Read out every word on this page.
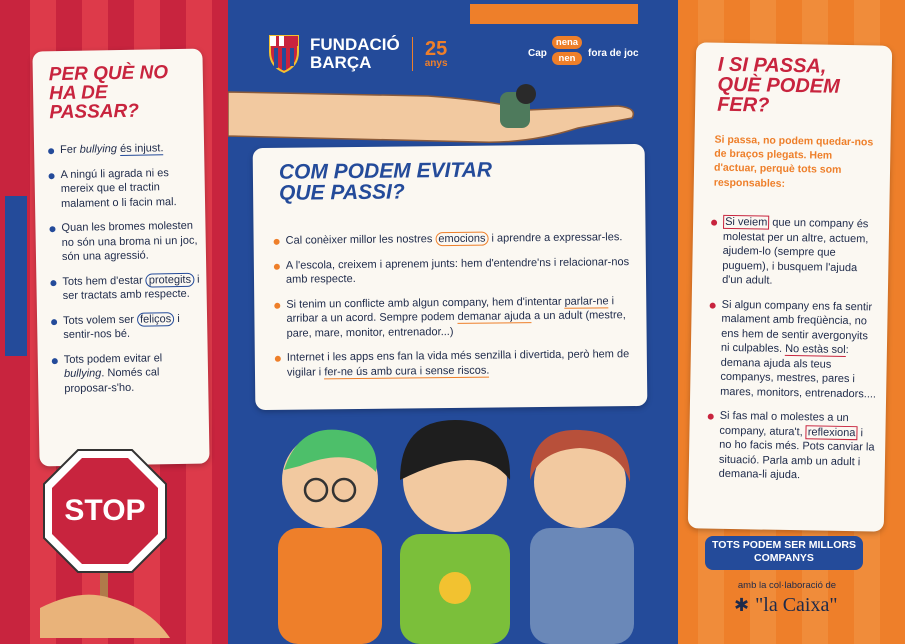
FUNDACIÓ
BARÇA
25
anys
Cap
nena
nen	fora de joc
PER QUÈ NO HA DE PASSAR?
Fer bullying és injust.
A ningú li agrada ni es mereix que el tractin malament o li facin mal.
Quan les bromes molesten no són una broma ni un joc, són una agressió.
Tots hem d'estar protegits i ser tractats amb respecte.
Tots volem ser feliços i sentir-nos bé.
Tots podem evitar el bullying. Només cal proposar-s'ho.
STOP
COM PODEM EVITAR QUE PASSI?
Cal conèixer millor les nostres emocions i aprendre a expressar-les.
A l'escola, creixem i aprenem junts: hem d'entendre'ns i relacionar-nos amb respecte.
Si tenim un conflicte amb algun company, hem d'intentar parlar-ne i arribar a un acord. Sempre podem demanar ajuda a un adult (mestre, pare, mare, monitor, entrenador...)
Internet i les apps ens fan la vida més senzilla i divertida, però hem de vigilar i fer-ne ús amb cura i sense riscos.
I SI PASSA, QUÈ PODEM FER?
Si passa, no podem quedar-nos de braços plegats. Hem d'actuar, perquè tots som responsables:
Si veiem que un company és molestat per un altre, actuem, ajudem-lo (sempre que puguem), i busquem l'ajuda d'un adult.
Si algun company ens fa sentir malament amb freqüència, no ens hem de sentir avergonyits ni culpables. No estàs sol: demana ajuda als teus companys, mestres, pares i mares, monitors, entrenadors....
Si fas mal o molestes a un company, atura't, reflexiona i no ho facis més. Pots canviar la situació. Parla amb un adult i demana-li ajuda.
TOTS PODEM SER MILLORS COMPANYS
amb la col·laboració de
✱ "la Caixa"
